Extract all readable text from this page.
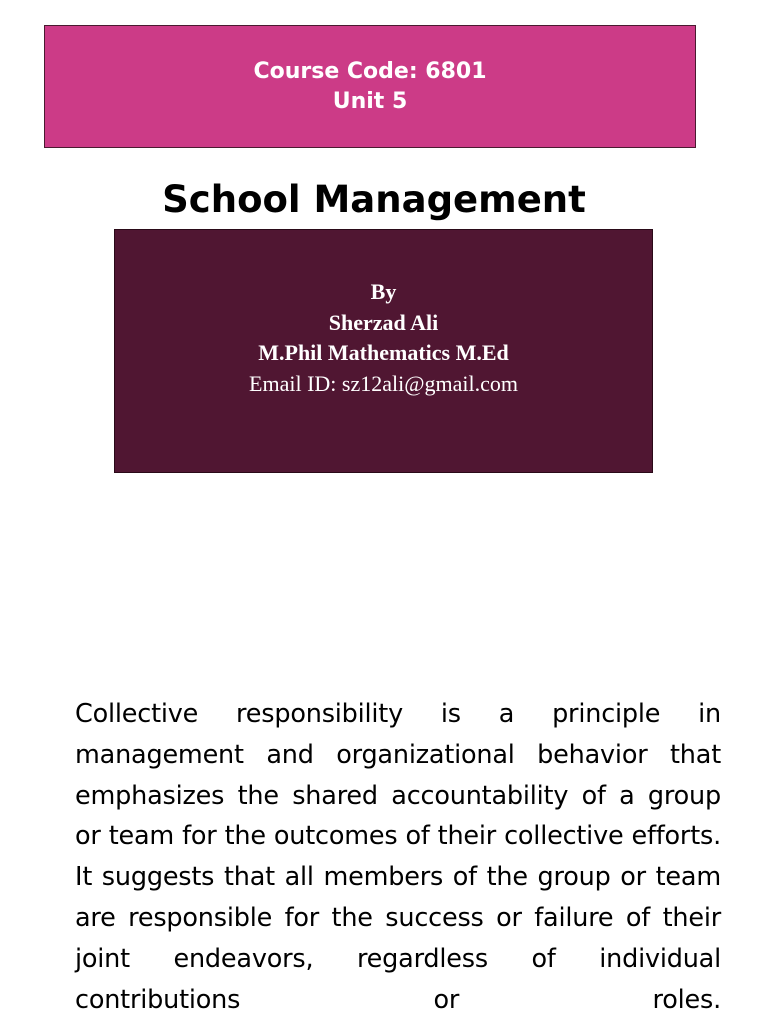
Course Code: 6801
Unit 5
School Management
By
Sherzad Ali
M.Phil Mathematics M.Ed
Email ID: sz12ali@gmail.com
Collective responsibility is a principle in management and organizational behavior that emphasizes the shared accountability of a group or team for the outcomes of their collective efforts. It suggests that all members of the group or team are responsible for the success or failure of their joint endeavors, regardless of individual contributions or roles.
